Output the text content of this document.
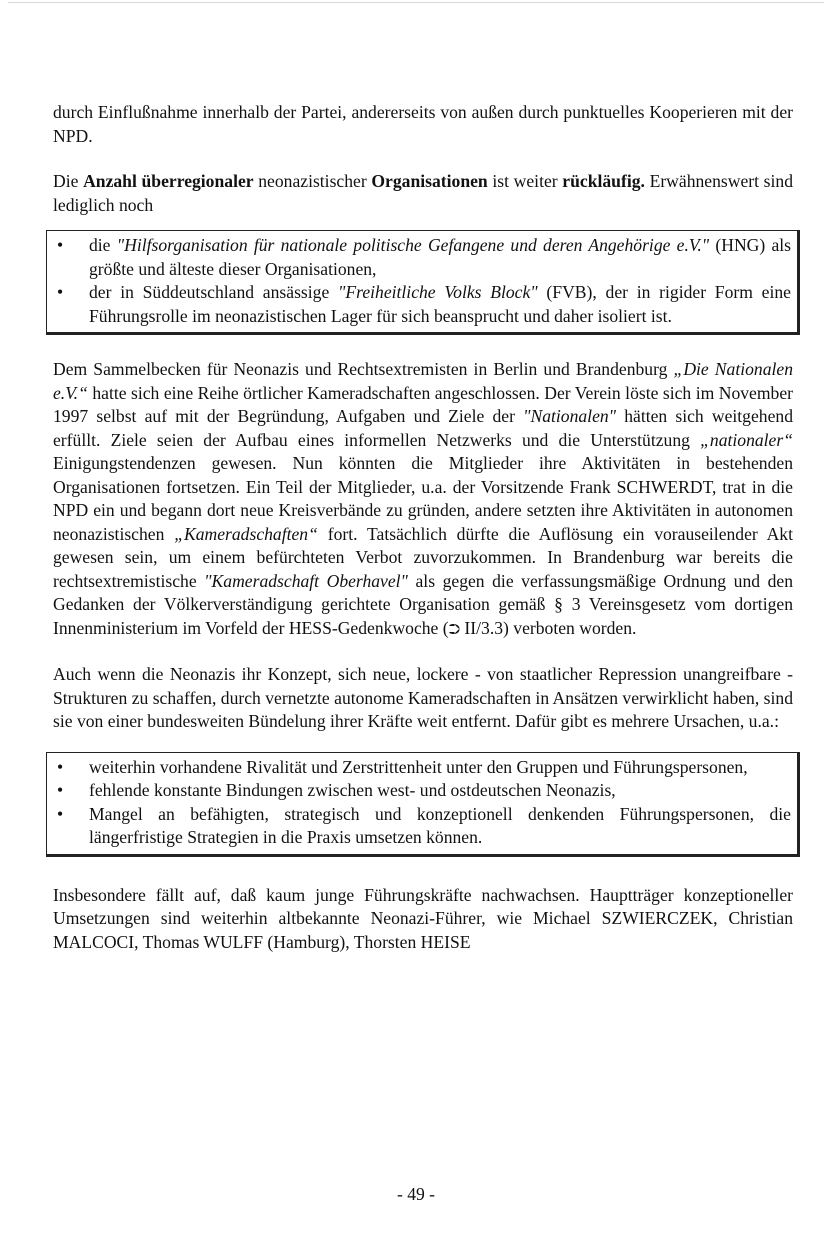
durch Einflußnahme innerhalb der Partei, andererseits von außen durch punktuelles Kooperieren mit der NPD.

Die Anzahl überregionaler neonazistischer Organisationen ist weiter rückläufig. Erwähnenswert sind lediglich noch

• die "Hilfsorganisation für nationale politische Gefangene und deren Angehörige e.V." (HNG) als größte und älteste dieser Organisationen,
• der in Süddeutschland ansässige "Freiheitliche Volks Block" (FVB), der in rigider Form eine Führungsrolle im neonazistischen Lager für sich beansprucht und daher isoliert ist.

Dem Sammelbecken für Neonazis und Rechtsextremisten in Berlin und Brandenburg „Die Nationalen e.V.“ hatte sich eine Reihe örtlicher Kameradschaften angeschlossen. Der Verein löste sich im November 1997 selbst auf mit der Begründung, Aufgaben und Ziele der "Nationalen" hätten sich weitgehend erfüllt. Ziele seien der Aufbau eines informellen Netzwerks und die Unterstützung „nationaler“ Einigungstendenzen gewesen. Nun könnten die Mitglieder ihre Aktivitäten in bestehenden Organisationen fortsetzen. Ein Teil der Mitglieder, u.a. der Vorsitzende Frank SCHWERDT, trat in die NPD ein und begann dort neue Kreisverbände zu gründen, andere setzten ihre Aktivitäten in autonomen neonazistischen „Kameradschaften“ fort. Tatsächlich dürfte die Auflösung ein vorauseilender Akt gewesen sein, um einem befürchteten Verbot zuvorzukommen. In Brandenburg war bereits die rechtsextremistische "Kameradschaft Oberhavel" als gegen die verfassungsmäßige Ordnung und den Gedanken der Völkerverständigung gerichtete Organisation gemäß § 3 Vereinsgesetz vom dortigen Innenministerium im Vorfeld der HESS-Gedenkwoche (⮊ II/3.3) verboten worden.

Auch wenn die Neonazis ihr Konzept, sich neue, lockere - von staatlicher Repression unangreifbare - Strukturen zu schaffen, durch vernetzte autonome Kameradschaften in Ansätzen verwirklicht haben, sind sie von einer bundesweiten Bündelung ihrer Kräfte weit entfernt. Dafür gibt es mehrere Ursachen, u.a.:

• weiterhin vorhandene Rivalität und Zerstrittenheit unter den Gruppen und Führungspersonen,
• fehlende konstante Bindungen zwischen west- und ostdeutschen Neonazis,
• Mangel an befähigten, strategisch und konzeptionell denkenden Führungspersonen, die längerfristige Strategien in die Praxis umsetzen können.

Insbesondere fällt auf, daß kaum junge Führungskräfte nachwachsen. Hauptträger konzeptioneller Umsetzungen sind weiterhin altbekannte Neonazi-Führer, wie Michael SZWIERCZEK, Christian MALCOCI, Thomas WULFF (Hamburg), Thorsten HEISE

- 49 -
